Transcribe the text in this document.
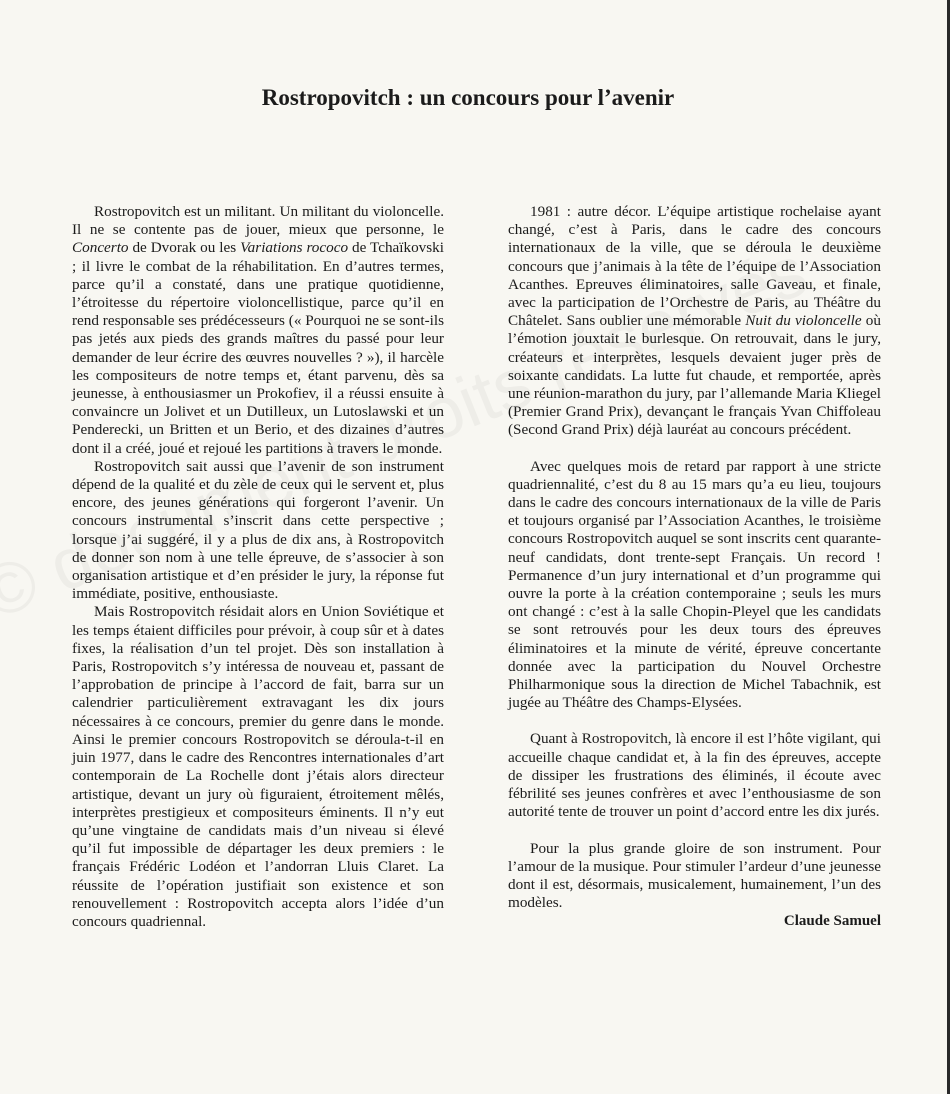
Rostropovitch : un concours pour l’avenir

Rostropovitch est un militant. Un militant du violoncelle. Il ne se contente pas de jouer, mieux que personne, le Concerto de Dvorak ou les Variations rococo de Tchaïkovski ; il livre le combat de la réhabilitation. En d’autres termes, parce qu’il a constaté, dans une pratique quotidienne, l’étroitesse du répertoire violoncellistique, parce qu’il en rend responsable ses prédécesseurs (« Pourquoi ne se sont-ils pas jetés aux pieds des grands maîtres du passé pour leur demander de leur écrire des œuvres nouvelles ? »), il harcèle les compositeurs de notre temps et, étant parvenu, dès sa jeunesse, à enthousiasmer un Prokofiev, il a réussi ensuite à convaincre un Jolivet et un Dutilleux, un Lutoslawski et un Penderecki, un Britten et un Berio, et des dizaines d’autres dont il a créé, joué et rejoué les partitions à travers le monde.

Rostropovitch sait aussi que l’avenir de son instrument dépend de la qualité et du zèle de ceux qui le servent et, plus encore, des jeunes générations qui forgeront l’avenir. Un concours instrumental s’inscrit dans cette perspective ; lorsque j’ai suggéré, il y a plus de dix ans, à Rostropovitch de donner son nom à une telle épreuve, de s’associer à son organisation artistique et d’en présider le jury, la réponse fut immédiate, positive, enthousiaste.

Mais Rostropovitch résidait alors en Union Soviétique et les temps étaient difficiles pour prévoir, à coup sûr et à dates fixes, la réalisation d’un tel projet. Dès son installation à Paris, Rostropovitch s’y intéressa de nouveau et, passant de l’approbation de principe à l’accord de fait, barra sur un calendrier particulièrement extravagant les dix jours nécessaires à ce concours, premier du genre dans le monde. Ainsi le premier concours Rostropovitch se déroula-t-il en juin 1977, dans le cadre des Rencontres internationales d’art contemporain de La Rochelle dont j’étais alors directeur artistique, devant un jury où figuraient, étroitement mêlés, interprètes prestigieux et compositeurs éminents. Il n’y eut qu’une vingtaine de candidats mais d’un niveau si élevé qu’il fut impossible de départager les deux premiers : le français Frédéric Lodéon et l’andorran Lluis Claret. La réussite de l’opération justifiait son existence et son renouvellement : Rostropovitch accepta alors l’idée d’un concours quadriennal.

1981 : autre décor. L’équipe artistique rochelaise ayant changé, c’est à Paris, dans le cadre des concours internationaux de la ville, que se déroula le deuxième concours que j’animais à la tête de l’équipe de l’Association Acanthes. Epreuves éliminatoires, salle Gaveau, et finale, avec la participation de l’Orchestre de Paris, au Théâtre du Châtelet. Sans oublier une mémorable Nuit du violoncelle où l’émotion jouxtait le burlesque. On retrouvait, dans le jury, créateurs et interprètes, lesquels devaient juger près de soixante candidats. La lutte fut chaude, et remportée, après une réunion-marathon du jury, par l’allemande Maria Kliegel (Premier Grand Prix), devançant le français Yvan Chiffoleau (Second Grand Prix) déjà lauréat au concours précédent.

Avec quelques mois de retard par rapport à une stricte quadriennalité, c’est du 8 au 15 mars qu’a eu lieu, toujours dans le cadre des concours internationaux de la ville de Paris et toujours organisé par l’Association Acanthes, le troisième concours Rostropovitch auquel se sont inscrits cent quarante-neuf candidats, dont trente-sept Français. Un record ! Permanence d’un jury international et d’un programme qui ouvre la porte à la création contemporaine ; seuls les murs ont changé : c’est à la salle Chopin-Pleyel que les candidats se sont retrouvés pour les deux tours des épreuves éliminatoires et la minute de vérité, épreuve concertante donnée avec la participation du Nouvel Orchestre Philharmonique sous la direction de Michel Tabachnik, est jugée au Théâtre des Champs-Elysées.

Quant à Rostropovitch, là encore il est l’hôte vigilant, qui accueille chaque candidat et, à la fin des épreuves, accepte de dissiper les frustrations des éliminés, il écoute avec fébrilité ses jeunes confrères et avec l’enthousiasme de son autorité tente de trouver un point d’accord entre les dix jurés.

Pour la plus grande gloire de son instrument. Pour l’amour de la musique. Pour stimuler l’ardeur d’une jeunesse dont il est, désormais, musicalement, humainement, l’un des modèles.

Claude Samuel
